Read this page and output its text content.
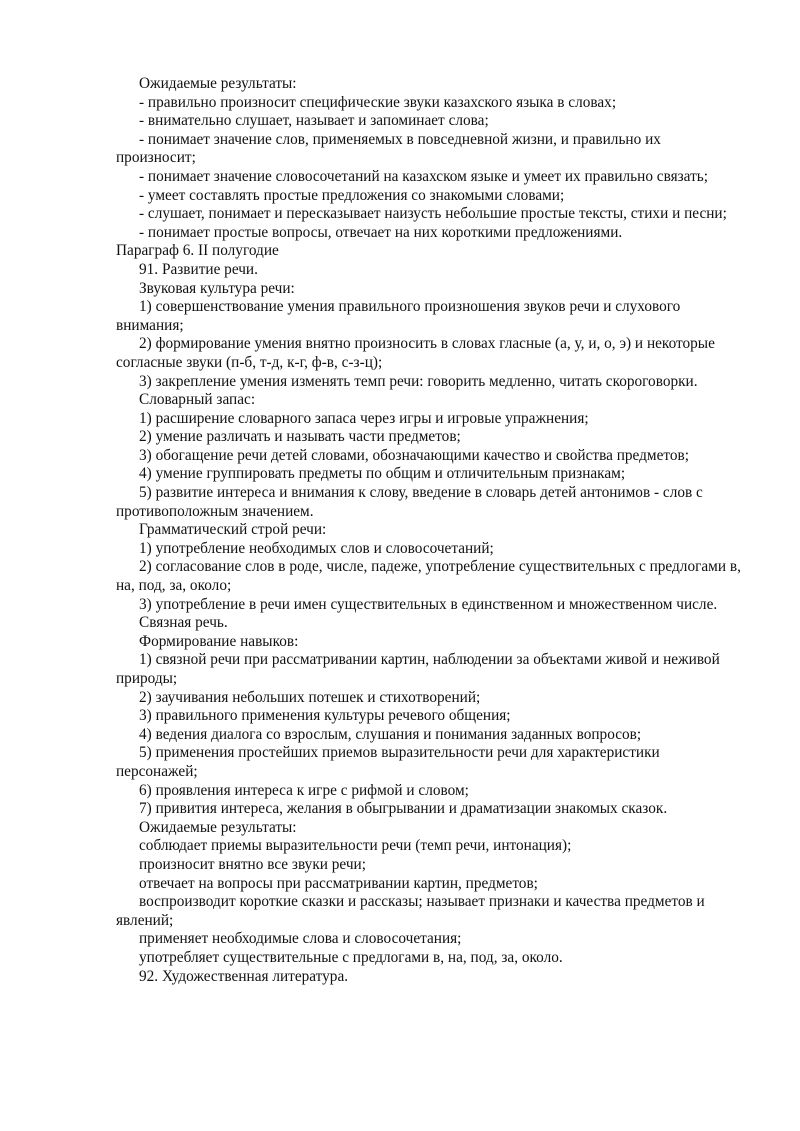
Ожидаемые результаты:

- правильно произносит специфические звуки казахского языка в словах;

- внимательно слушает, называет и запоминает слова;

- понимает значение слов, применяемых в повседневной жизни, и правильно их произносит;

- понимает значение словосочетаний на казахском языке и умеет их правильно связать;

- умеет составлять простые предложения со знакомыми словами;

- слушает, понимает и пересказывает наизусть небольшие простые тексты, стихи и песни;

- понимает простые вопросы, отвечает на них короткими предложениями.

Параграф 6. II полугодие

91. Развитие речи.

Звуковая культура речи:

1) совершенствование умения правильного произношения звуков речи и слухового внимания;

2) формирование умения внятно произносить в словах гласные (а, у, и, о, э) и некоторые согласные звуки (п-б, т-д, к-г, ф-в, с-з-ц);

3) закрепление умения изменять темп речи: говорить медленно, читать скороговорки.

Словарный запас:

1) расширение словарного запаса через игры и игровые упражнения;

2) умение различать и называть части предметов;

3) обогащение речи детей словами, обозначающими качество и свойства предметов;

4) умение группировать предметы по общим и отличительным признакам;

5) развитие интереса и внимания к слову, введение в словарь детей антонимов - слов с противоположным значением.

Грамматический строй речи:

1) употребление необходимых слов и словосочетаний;

2) согласование слов в роде, числе, падеже, употребление существительных с предлогами в, на, под, за, около;

3) употребление в речи имен существительных в единственном и множественном числе.

Связная речь.

Формирование навыков:

1) связной речи при рассматривании картин, наблюдении за объектами живой и неживой природы;

2) заучивания небольших потешек и стихотворений;

3) правильного применения культуры речевого общения;

4) ведения диалога со взрослым, слушания и понимания заданных вопросов;

5) применения простейших приемов выразительности речи для характеристики персонажей;

6) проявления интереса к игре с рифмой и словом;

7) привития интереса, желания в обыгрывании и драматизации знакомых сказок.

Ожидаемые результаты:

соблюдает приемы выразительности речи (темп речи, интонация);

произносит внятно все звуки речи;

отвечает на вопросы при рассматривании картин, предметов;

воспроизводит короткие сказки и рассказы; называет признаки и качества предметов и явлений;

применяет необходимые слова и словосочетания;

употребляет существительные с предлогами в, на, под, за, около.

92. Художественная литература.
